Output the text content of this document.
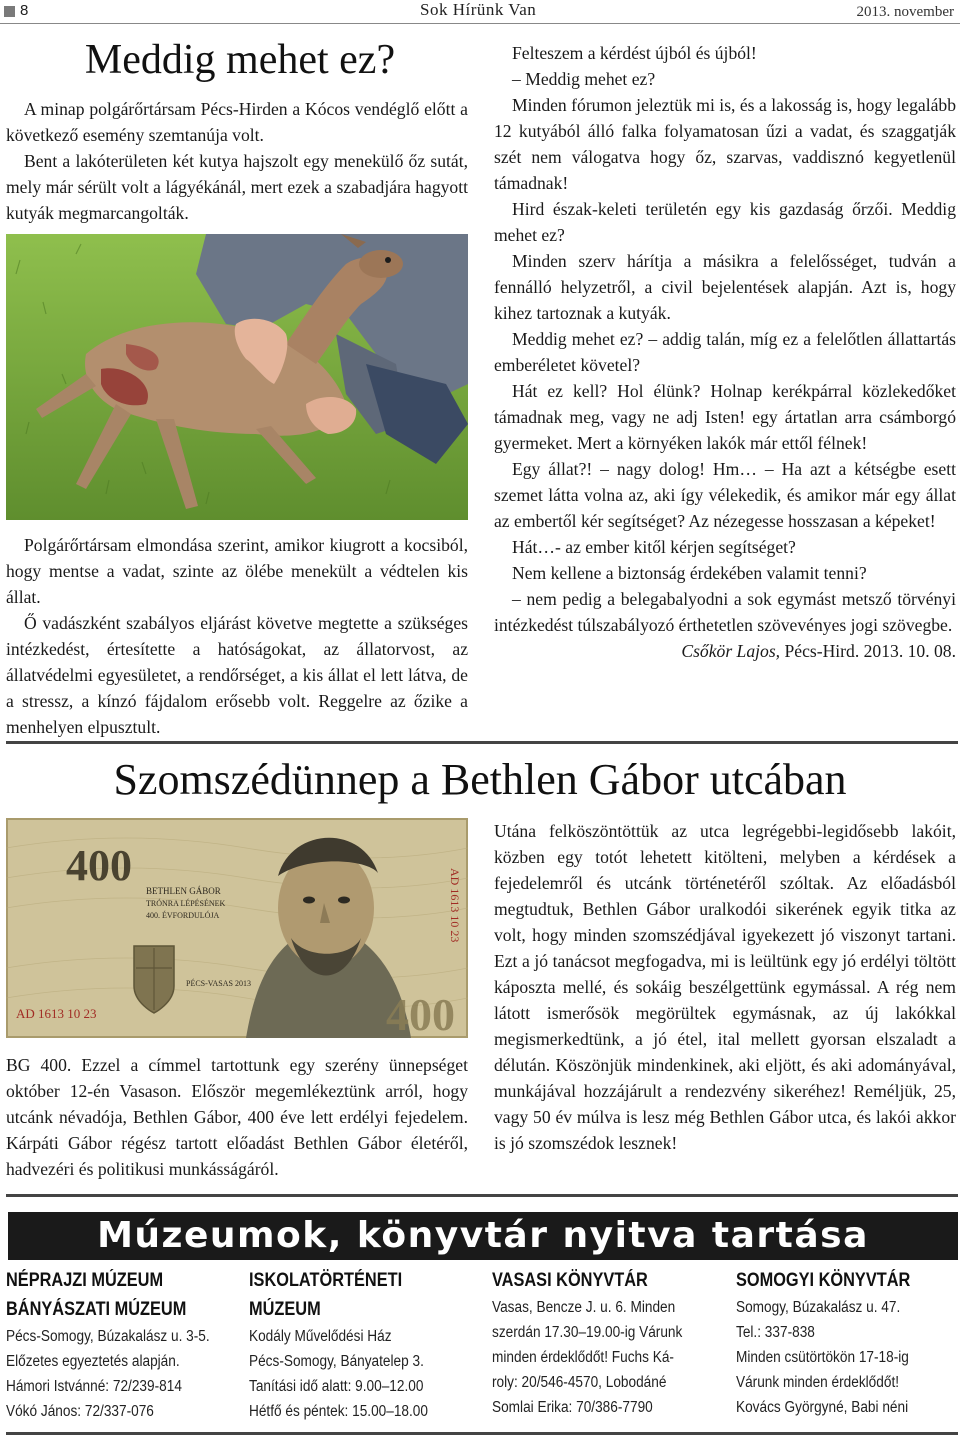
8	Sok Hírünk Van	2013. november
Meddig mehet ez?

A minap polgárőrtársam Pécs-Hirden a Kócos vendéglő előtt a következő esemény szemtanúja volt.

Bent a lakóterületen két kutya hajszolt egy menekülő őz sutát, mely már sérült volt a lágyékánál, mert ezek a szabadjára hagyott kutyák megmarcangolták.

Polgárőrtársam elmondása szerint, amikor kiugrott a kocsiból, hogy mentse a vadat, szinte az ölébe menekült a védtelen kis állat.

Ő vadászként szabályos eljárást követve megtette a szükséges intézkedést, értesítette a hatóságokat, az állatorvost, az állatvédelmi egyesületet, a rendőrséget, a kis állat el lett látva, de a stressz, a kínzó fájdalom erősebb volt. Reggelre az őzike a menhelyen elpusztult.

Felteszem a kérdést újból és újból!

– Meddig mehet ez?

Minden fórumon jeleztük mi is, és a lakosság is, hogy legalább 12 kutyából álló falka folyamatosan űzi a vadat, és szaggatják szét nem válogatva hogy őz, szarvas, vaddisznó kegyetlenül támadnak!

Hird észak-keleti területén egy kis gazdaság őrzői. Meddig mehet ez?

Minden szerv hárítja a másikra a felelősséget, tudván a fennálló helyzetről, a civil bejelentések alapján. Azt is, hogy kihez tartoznak a kutyák.

Meddig mehet ez? – addig talán, míg ez a felelőtlen állattartás emberéletet követel?

Hát ez kell? Hol élünk? Holnap kerékpárral közlekedőket támadnak meg, vagy ne adj Isten! egy ártatlan arra csámborgó gyermeket. Mert a környéken lakók már ettől félnek!

Egy állat?! – nagy dolog! Hm… – Ha azt a kétségbe esett szemet látta volna az, aki így vélekedik, és amikor már egy állat az embertől kér segítséget? Az nézegesse hosszasan a képeket!

Hát…- az ember kitől kérjen segítséget?

Nem kellene a biztonság érdekében valamit tenni?

– nem pedig a belegabalyodni a sok egymást metsző törvényi intézkedést túlszabályozó érthetetlen szövevényes jogi szövegbe.

Csőkör Lajos, Pécs-Hird. 2013. 10. 08.

Szomszédünnep a Bethlen Gábor utcában
400
400
BETHLEN GÁBOR
TRÓNRA LÉPÉSÉNEK
400. ÉVFORDULÓJA
PÉCS-VASAS 2013
AD 1613 10 23
AD 1613 10 23

BG 400. Ezzel a címmel tartottunk egy szerény ünnepséget október 12-én Vasason. Először megemlékeztünk arról, hogy utcánk névadója, Bethlen Gábor, 400 éve lett erdélyi fejedelem. Kárpáti Gábor régész tartott előadást Bethlen Gábor életéről, hadvezéri és politikusi munkásságáról.

Utána felköszöntöttük az utca legrégebbi-legidősebb lakóit, közben egy totót lehetett kitölteni, melyben a kérdések a fejedelemről és utcánk történetéről szóltak. Az előadásból megtudtuk, Bethlen Gábor uralkodói sikerének egyik titka az volt, hogy minden szomszédjával igyekezett jó viszonyt tartani. Ezt a jó tanácsot megfogadva, mi is leültünk egy jó erdélyi töltött káposzta mellé, és sokáig beszélgettünk egymással. A rég nem látott ismerősök megörültek egymásnak, az új lakókkal megismerkedtünk, a jó étel, ital mellett gyorsan elszaladt a délután. Köszönjük mindenkinek, aki eljött, és aki adományával, munkájával hozzájárult a rendezvény sikeréhez! Reméljük, 25, vagy 50 év múlva is lesz még Bethlen Gábor utca, és lakói akkor is jó szomszédok lesznek!

Múzeumok, könyvtár nyitva tartása
NÉPRAJZI MÚZEUM
BÁNYÁSZATI MÚZEUM
Pécs-Somogy, Búzakalász u. 3-5.
Előzetes egyeztetés alapján.
Hámori Istvánné: 72/239-814
Vókó János: 72/337-076
ISKOLATÖRTÉNETI
MÚZEUM
Kodály Művelődési Ház
Pécs-Somogy, Bányatelep 3.
Tanítási idő alatt: 9.00–12.00
Hétfő és péntek: 15.00–18.00
VASASI KÖNYVTÁR
Vasas, Bencze J. u. 6. Minden
szerdán 17.30–19.00-ig Várunk
minden érdeklődőt! Fuchs Ká-
roly: 20/546-4570, Lobodáné
Somlai Erika: 70/386-7790
SOMOGYI KÖNYVTÁR
Somogy, Búzakalász u. 47.
Tel.: 337-838
Minden csütörtökön 17-18-ig
Várunk minden érdeklődőt!
Kovács Györgyné, Babi néni
